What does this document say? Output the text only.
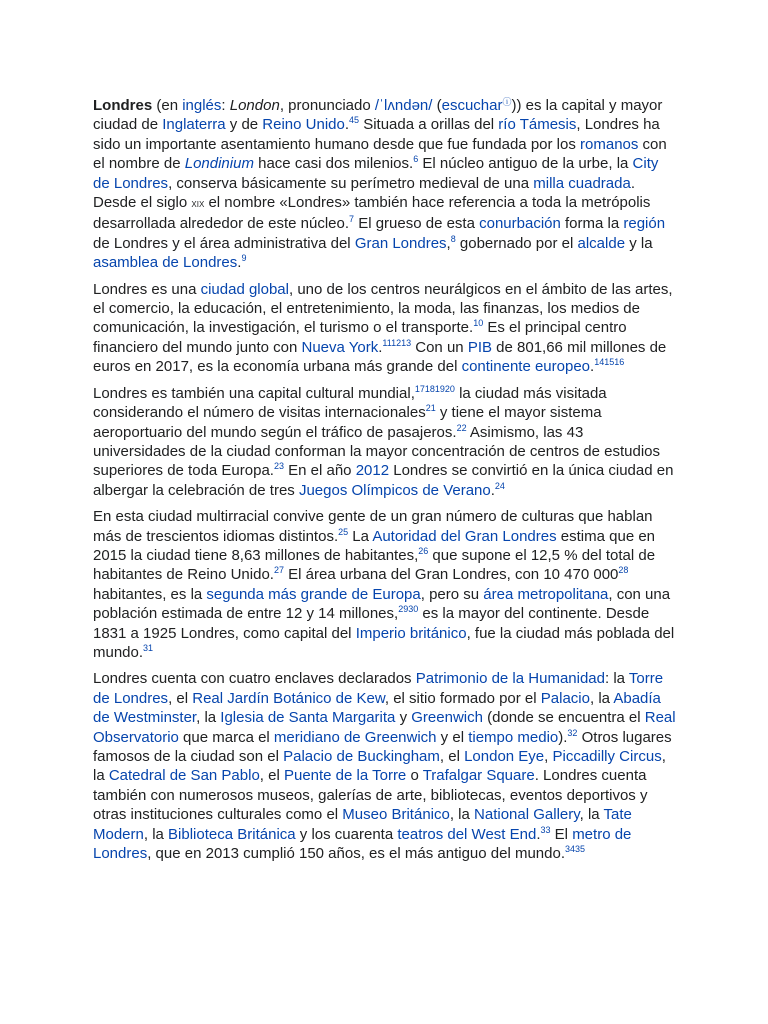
Londres (en inglés: London, pronunciado /ˈlʌndən/ (escucharⓘ)) es la capital y mayor ciudad de Inglaterra y de Reino Unido.$^{45}$ Situada a orillas del río Támesis, Londres ha sido un importante asentamiento humano desde que fue fundada por los romanos con el nombre de Londinium hace casi dos milenios.$^6$ El núcleo antiguo de la urbe, la City de Londres, conserva básicamente su perímetro medieval de una milla cuadrada. Desde el siglo xix el nombre «Londres» también hace referencia a toda la metrópolis desarrollada alrededor de este núcleo.$^7$ El grueso de esta conurbación forma la región de Londres y el área administrativa del Gran Londres,$^8$ gobernado por el alcalde y la asamblea de Londres.$^9$

Londres es una ciudad global, uno de los centros neurálgicos en el ámbito de las artes, el comercio, la educación, el entretenimiento, la moda, las finanzas, los medios de comunicación, la investigación, el turismo o el transporte.$^{10}$ Es el principal centro financiero del mundo junto con Nueva York.$^{111213}$ Con un PIB de 801,66 mil millones de euros en 2017, es la economía urbana más grande del continente europeo.$^{141516}$

Londres es también una capital cultural mundial,$^{17181920}$ la ciudad más visitada considerando el número de visitas internacionales$^{21}$ y tiene el mayor sistema aeroportuario del mundo según el tráfico de pasajeros.$^{22}$ Asimismo, las 43 universidades de la ciudad conforman la mayor concentración de centros de estudios superiores de toda Europa.$^{23}$ En el año 2012 Londres se convirtió en la única ciudad en albergar la celebración de tres Juegos Olímpicos de Verano.$^{24}$

En esta ciudad multirracial convive gente de un gran número de culturas que hablan más de trescientos idiomas distintos.$^{25}$ La Autoridad del Gran Londres estima que en 2015 la ciudad tiene 8,63 millones de habitantes,$^{26}$ que supone el 12,5 % del total de habitantes de Reino Unido.$^{27}$ El área urbana del Gran Londres, con 10 470 $000^{28}$ habitantes, es la segunda más grande de Europa, pero su área metropolitana, con una población estimada de entre 12 y 14 millones,$^{2930}$ es la mayor del continente. Desde 1831 a 1925 Londres, como capital del Imperio británico, fue la ciudad más poblada del mundo.$^{31}$

Londres cuenta con cuatro enclaves declarados Patrimonio de la Humanidad: la Torre de Londres, el Real Jardín Botánico de Kew, el sitio formado por el Palacio, la Abadía de Westminster, la Iglesia de Santa Margarita y Greenwich (donde se encuentra el Real Observatorio que marca el meridiano de Greenwich y el tiempo medio).$^{32}$ Otros lugares famosos de la ciudad son el Palacio de Buckingham, el London Eye, Piccadilly Circus, la Catedral de San Pablo, el Puente de la Torre o Trafalgar Square. Londres cuenta también con numerosos museos, galerías de arte, bibliotecas, eventos deportivos y otras instituciones culturales como el Museo Británico, la National Gallery, la Tate Modern, la Biblioteca Británica y los cuarenta teatros del West End.$^{33}$ El metro de Londres, que en 2013 cumplió 150 años, es el más antiguo del mundo.$^{3435}$
